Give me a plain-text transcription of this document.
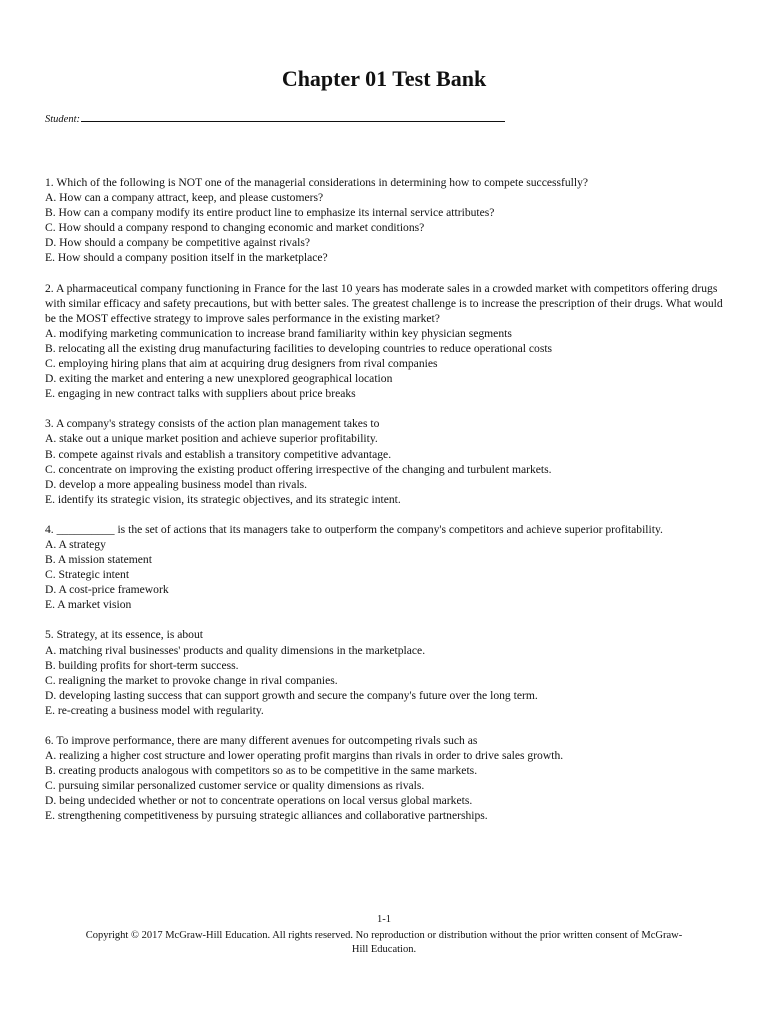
Chapter 01 Test Bank
Student:

1. Which of the following is NOT one of the managerial considerations in determining how to compete successfully?

A. How can a company attract, keep, and please customers?

B. How can a company modify its entire product line to emphasize its internal service attributes?

C. How should a company respond to changing economic and market conditions?

D. How should a company be competitive against rivals?

E. How should a company position itself in the marketplace?

2. A pharmaceutical company functioning in France for the last 10 years has moderate sales in a crowded market with competitors offering drugs with similar efficacy and safety precautions, but with better sales. The greatest challenge is to increase the prescription of their drugs. What would be the MOST effective strategy to improve sales performance in the existing market?

A. modifying marketing communication to increase brand familiarity within key physician segments

B. relocating all the existing drug manufacturing facilities to developing countries to reduce operational costs

C. employing hiring plans that aim at acquiring drug designers from rival companies

D. exiting the market and entering a new unexplored geographical location

E. engaging in new contract talks with suppliers about price breaks

3. A company's strategy consists of the action plan management takes to

A. stake out a unique market position and achieve superior profitability.

B. compete against rivals and establish a transitory competitive advantage.

C. concentrate on improving the existing product offering irrespective of the changing and turbulent markets.

D. develop a more appealing business model than rivals.

E. identify its strategic vision, its strategic objectives, and its strategic intent.

4. __________ is the set of actions that its managers take to outperform the company's competitors and achieve superior profitability.

A. A strategy

B. A mission statement

C. Strategic intent

D. A cost-price framework

E. A market vision

5. Strategy, at its essence, is about

A. matching rival businesses' products and quality dimensions in the marketplace.

B. building profits for short-term success.

C. realigning the market to provoke change in rival companies.

D. developing lasting success that can support growth and secure the company's future over the long term.

E. re-creating a business model with regularity.

6. To improve performance, there are many different avenues for outcompeting rivals such as

A. realizing a higher cost structure and lower operating profit margins than rivals in order to drive sales growth.

B. creating products analogous with competitors so as to be competitive in the same markets.

C. pursuing similar personalized customer service or quality dimensions as rivals.

D. being undecided whether or not to concentrate operations on local versus global markets.

E. strengthening competitiveness by pursuing strategic alliances and collaborative partnerships.

1-1
Copyright © 2017 McGraw-Hill Education. All rights reserved. No reproduction or distribution without the prior written consent of McGraw-Hill Education.
